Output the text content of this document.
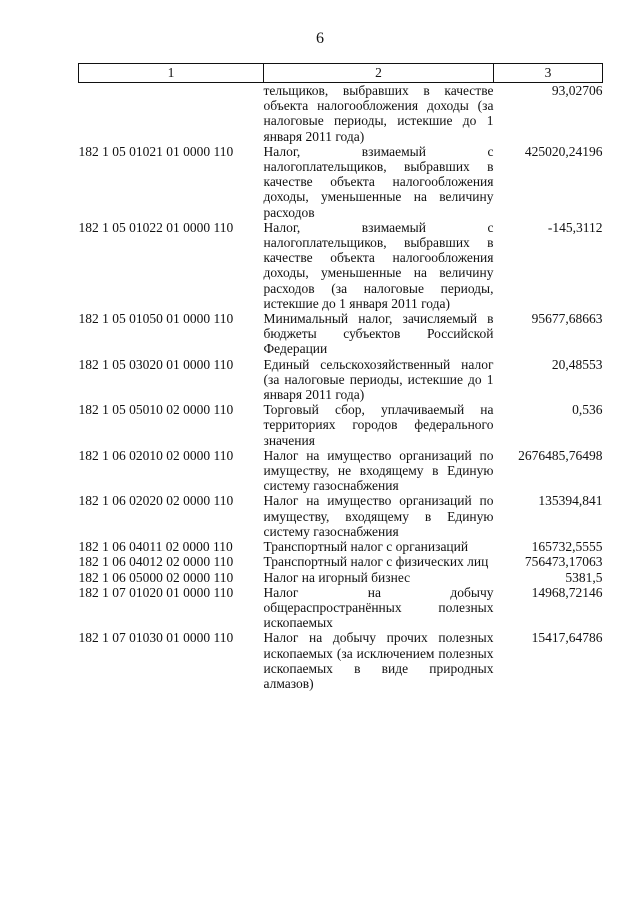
6
1	2	3
	тельщиков, выбравших в качестве объекта налогообложения доходы (за налоговые периоды, истекшие до 1 января 2011 года)	93,02706
182 1 05 01021 01 0000 110	Налог, взимаемый с налогоплательщиков, выбравших в качестве объекта налогообложения доходы, уменьшенные на величину расходов	425020,24196
182 1 05 01022 01 0000 110	Налог, взимаемый с налогоплательщиков, выбравших в качестве объекта налогообложения доходы, уменьшенные на величину расходов (за налоговые периоды, истекшие до 1 января 2011 года)	-145,3112
182 1 05 01050 01 0000 110	Минимальный налог, зачисляемый в бюджеты субъектов Российской Федерации	95677,68663
182 1 05 03020 01 0000 110	Единый сельскохозяйственный налог (за налоговые периоды, истекшие до 1 января 2011 года)	20,48553
182 1 05 05010 02 0000 110	Торговый сбор, уплачиваемый на территориях городов федерального значения	0,536
182 1 06 02010 02 0000 110	Налог на имущество организаций по имуществу, не входящему в Единую систему газоснабжения	2676485,76498
182 1 06 02020 02 0000 110	Налог на имущество организаций по имуществу, входящему в Единую систему газоснабжения	135394,841
182 1 06 04011 02 0000 110	Транспортный налог с организаций	165732,5555
182 1 06 04012 02 0000 110	Транспортный налог с физических лиц	756473,17063
182 1 06 05000 02 0000 110	Налог на игорный бизнес	5381,5
182 1 07 01020 01 0000 110	Налог на добычу общераспространённых полезных ископаемых	14968,72146
182 1 07 01030 01 0000 110	Налог на добычу прочих полезных ископаемых (за исключением полезных ископаемых в виде природных алмазов)	15417,64786
